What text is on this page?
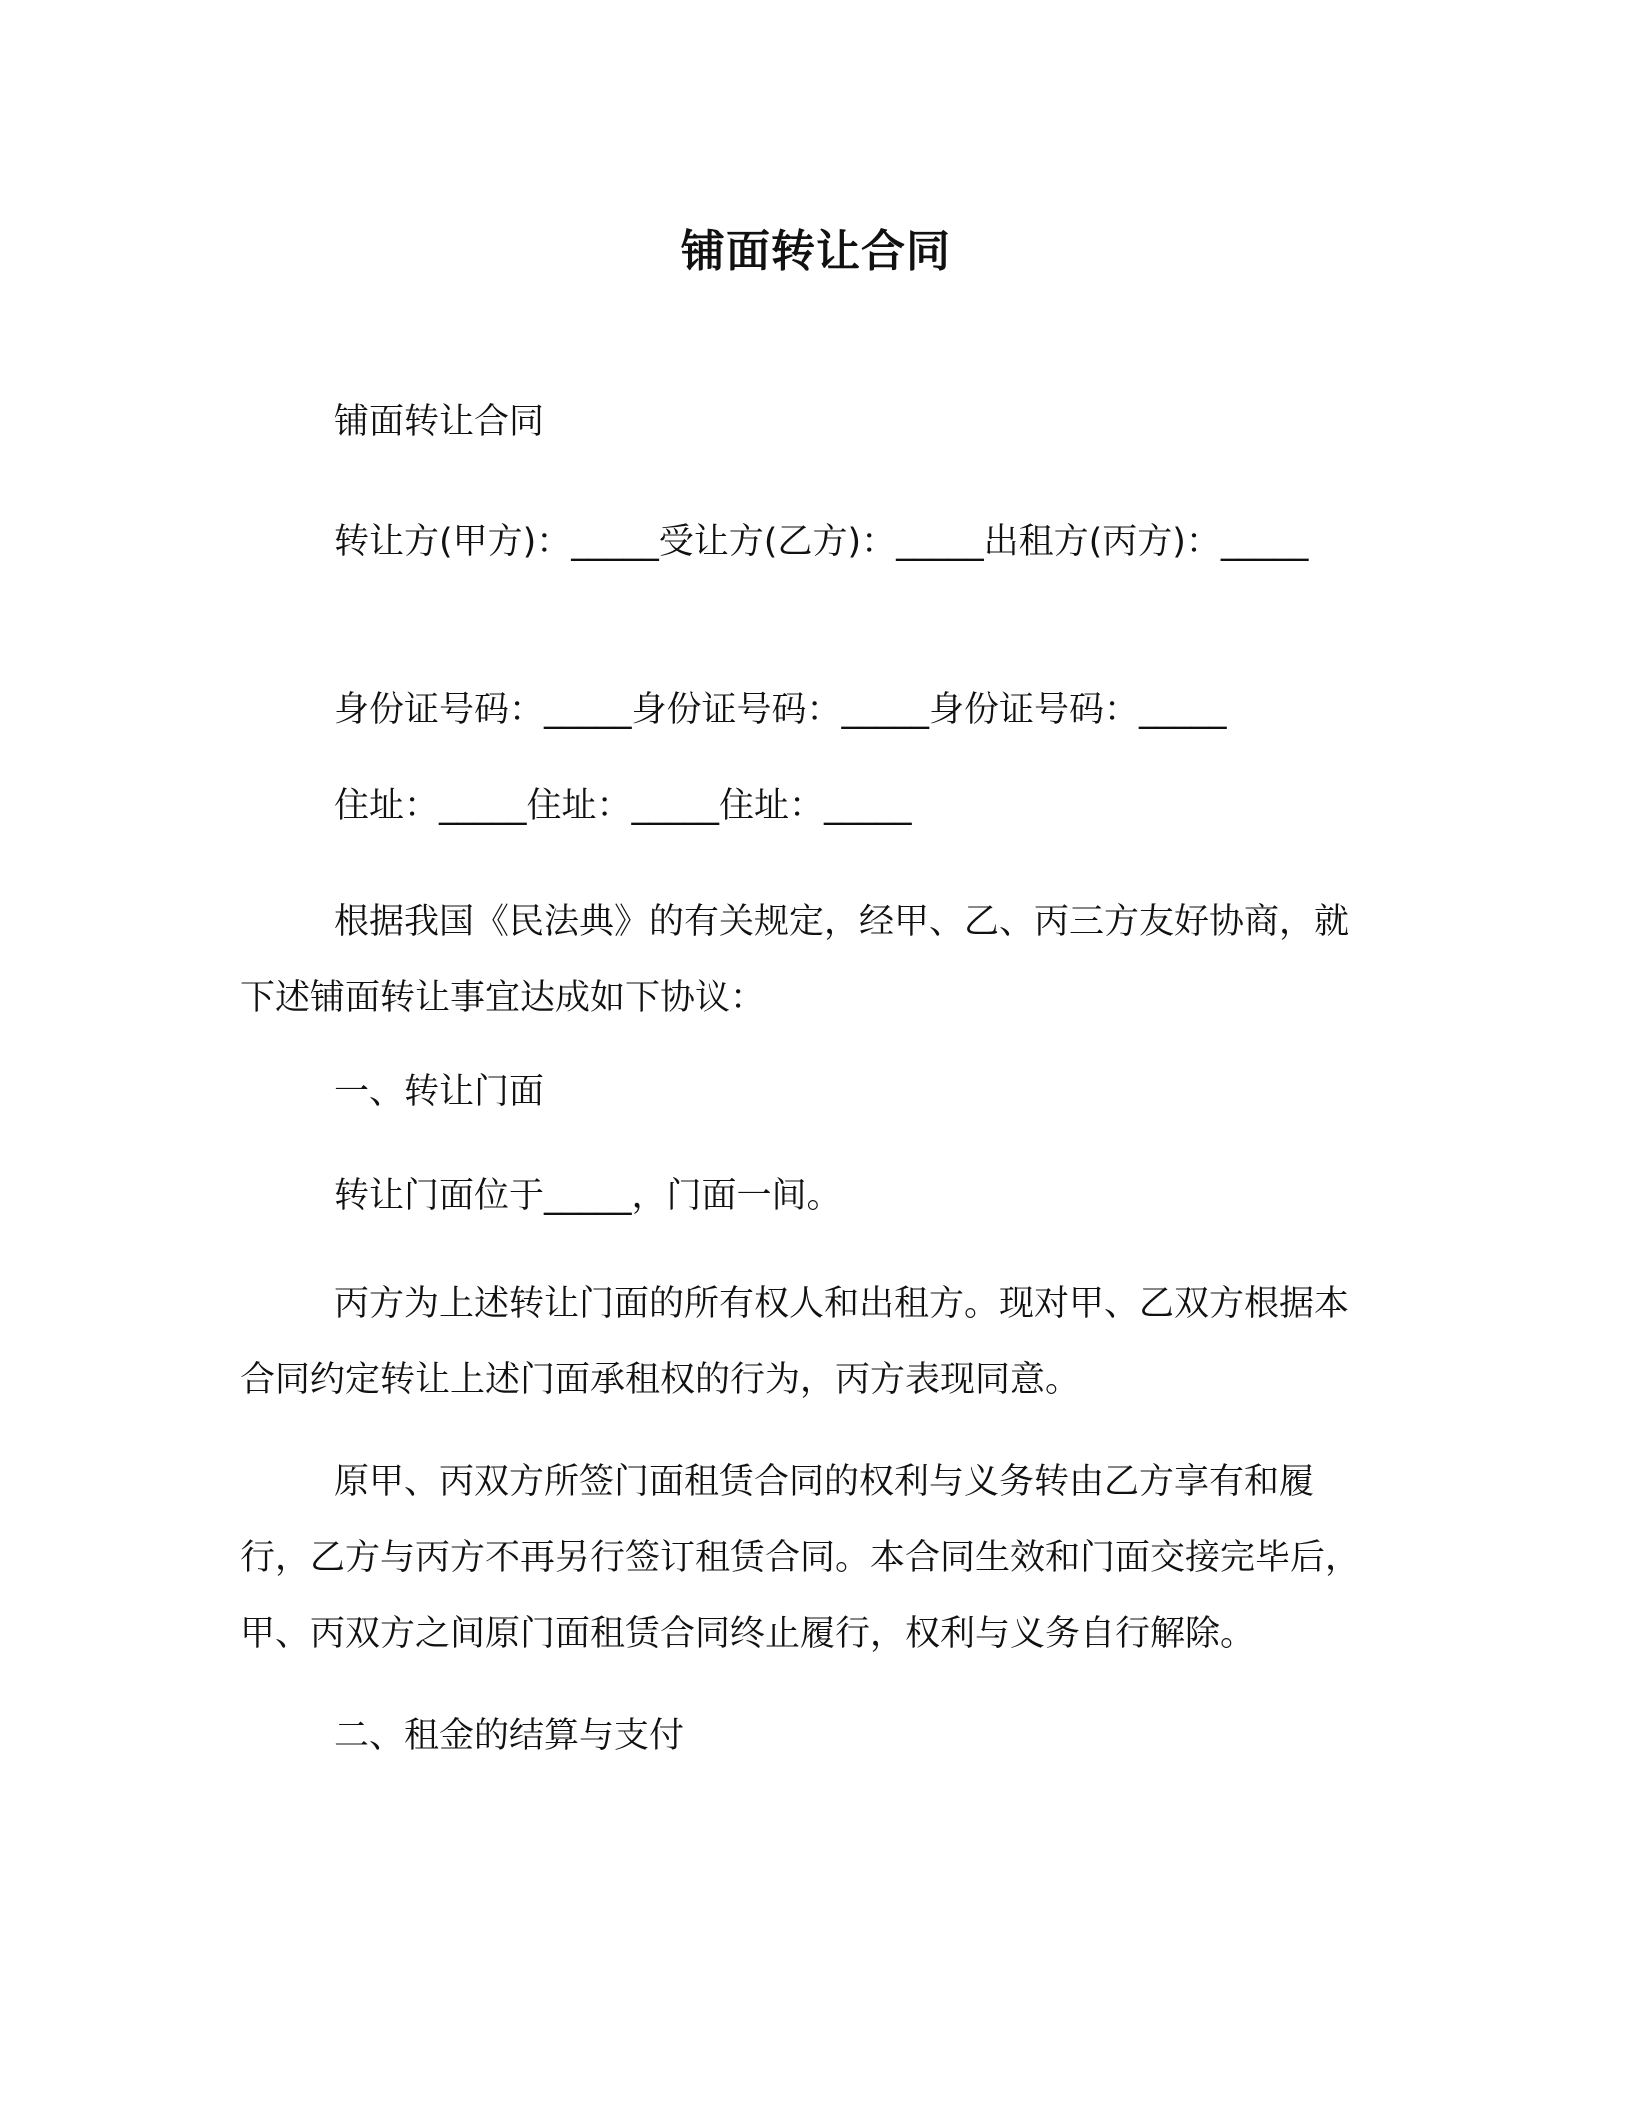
铺面转让合同
铺面转让合同
转让方(甲方)：_____受让方(乙方)：_____出租方(丙方)：_____
身份证号码：_____身份证号码：_____身份证号码：_____
住址：_____住址：_____住址：_____
根据我国《民法典》的有关规定，经甲、乙、丙三方友好协商，就下述铺面转让事宜达成如下协议：
一、转让门面
转让门面位于_____，门面一间。
丙方为上述转让门面的所有权人和出租方。现对甲、乙双方根据本合同约定转让上述门面承租权的行为，丙方表现同意。
原甲、丙双方所签门面租赁合同的权利与义务转由乙方享有和履行，乙方与丙方不再另行签订租赁合同。本合同生效和门面交接完毕后，甲、丙双方之间原门面租赁合同终止履行，权利与义务自行解除。
二、租金的结算与支付
